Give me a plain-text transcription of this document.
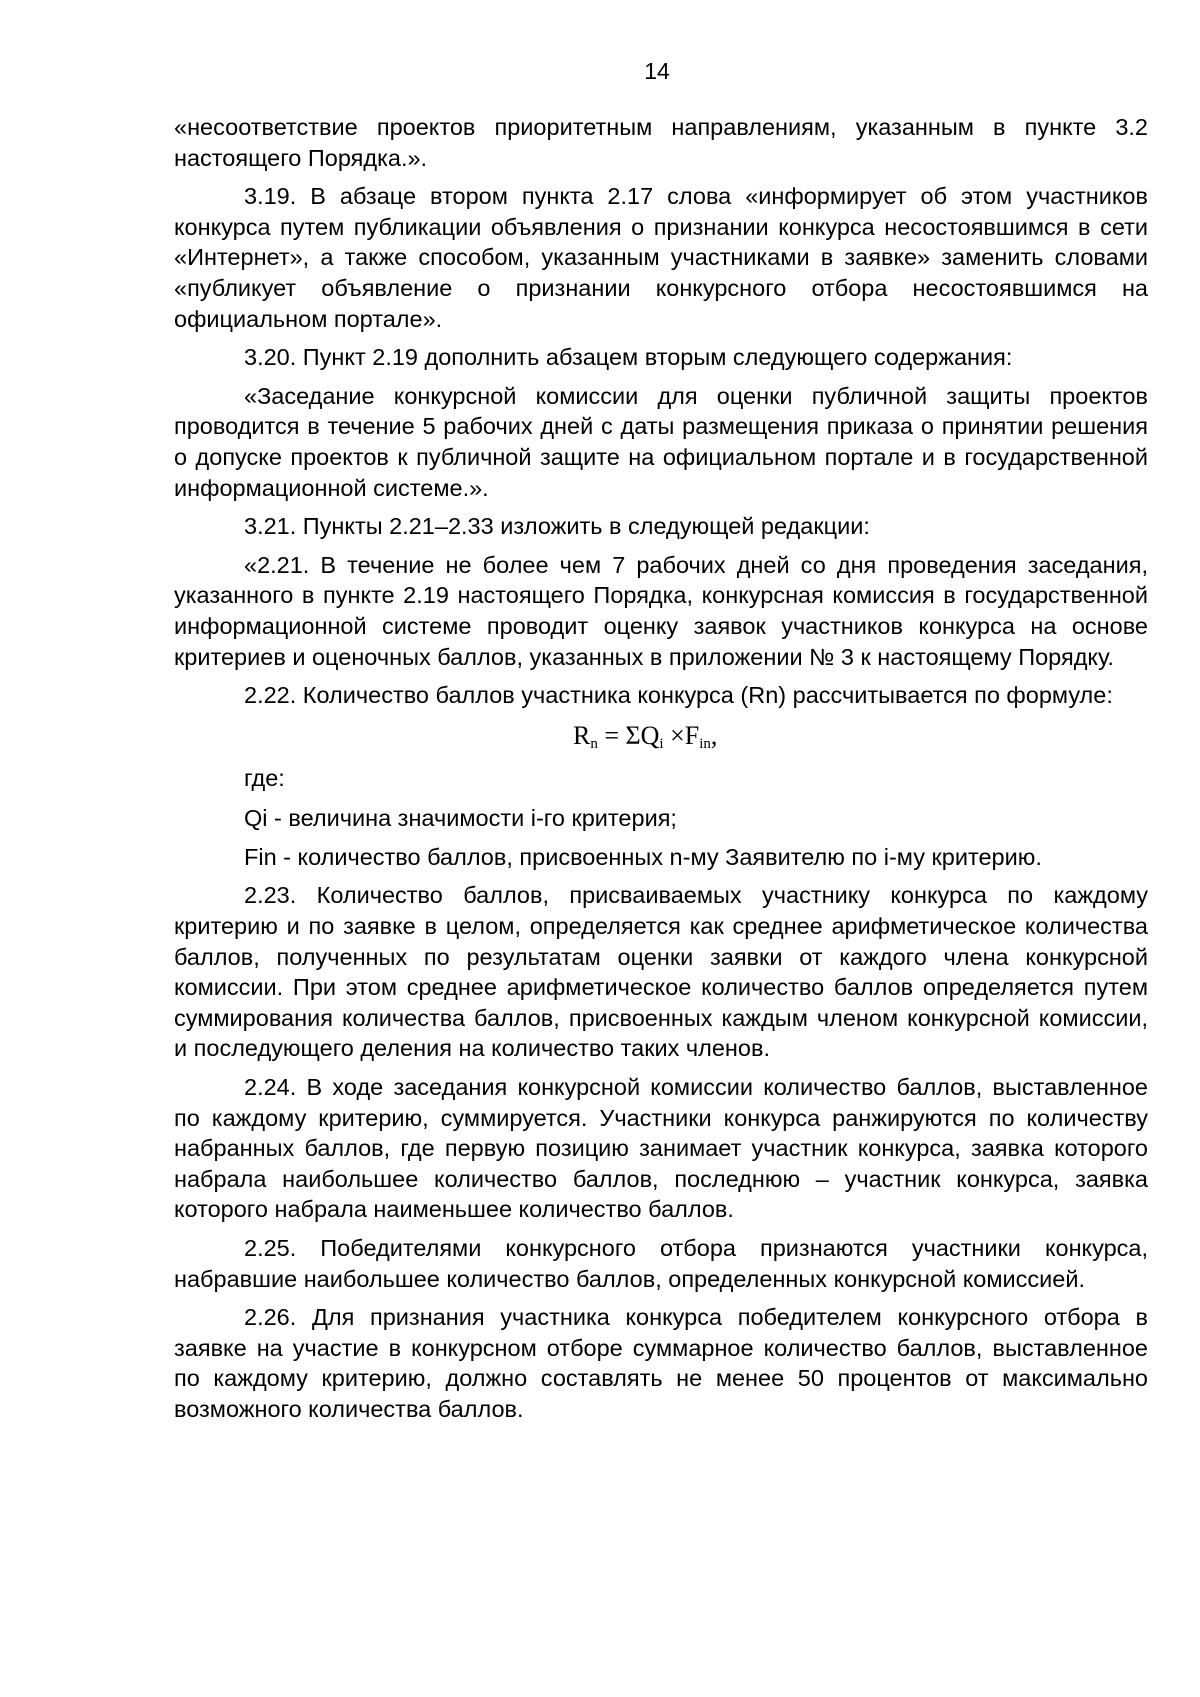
14

«несоответствие проектов приоритетным направлениям, указанным в пункте 3.2 настоящего Порядка.».

3.19. В абзаце втором пункта 2.17 слова «информирует об этом участников конкурса путем публикации объявления о признании конкурса несостоявшимся в сети «Интернет», а также способом, указанным участниками в заявке» заменить словами «публикует объявление о признании конкурсного отбора несостоявшимся на официальном портале».

3.20. Пункт 2.19 дополнить абзацем вторым следующего содержания:

«Заседание конкурсной комиссии для оценки публичной защиты проектов проводится в течение 5 рабочих дней с даты размещения приказа о принятии решения о допуске проектов к публичной защите на официальном портале и в государственной информационной системе.».

3.21. Пункты 2.21–2.33 изложить в следующей редакции:

«2.21. В течение не более чем 7 рабочих дней со дня проведения заседания, указанного в пункте 2.19 настоящего Порядка, конкурсная комиссия в государственной информационной системе проводит оценку заявок участников конкурса на основе критериев и оценочных баллов, указанных в приложении № 3 к настоящему Порядку.

2.22. Количество баллов участника конкурса (Rn) рассчитывается по формуле:

$R_n = \Sigma Q_i \times F_{in}$,

где:

Qi - величина значимости i-го критерия;

Fin - количество баллов, присвоенных n-му Заявителю по i-му критерию.

2.23. Количество баллов, присваиваемых участнику конкурса по каждому критерию и по заявке в целом, определяется как среднее арифметическое количества баллов, полученных по результатам оценки заявки от каждого члена конкурсной комиссии. При этом среднее арифметическое количество баллов определяется путем суммирования количества баллов, присвоенных каждым членом конкурсной комиссии, и последующего деления на количество таких членов.

2.24. В ходе заседания конкурсной комиссии количество баллов, выставленное по каждому критерию, суммируется. Участники конкурса ранжируются по количеству набранных баллов, где первую позицию занимает участник конкурса, заявка которого набрала наибольшее количество баллов, последнюю – участник конкурса, заявка которого набрала наименьшее количество баллов.

2.25. Победителями конкурсного отбора признаются участники конкурса, набравшие наибольшее количество баллов, определенных конкурсной комиссией.

2.26. Для признания участника конкурса победителем конкурсного отбора в заявке на участие в конкурсном отборе суммарное количество баллов, выставленное по каждому критерию, должно составлять не менее 50 процентов от максимально возможного количества баллов.
